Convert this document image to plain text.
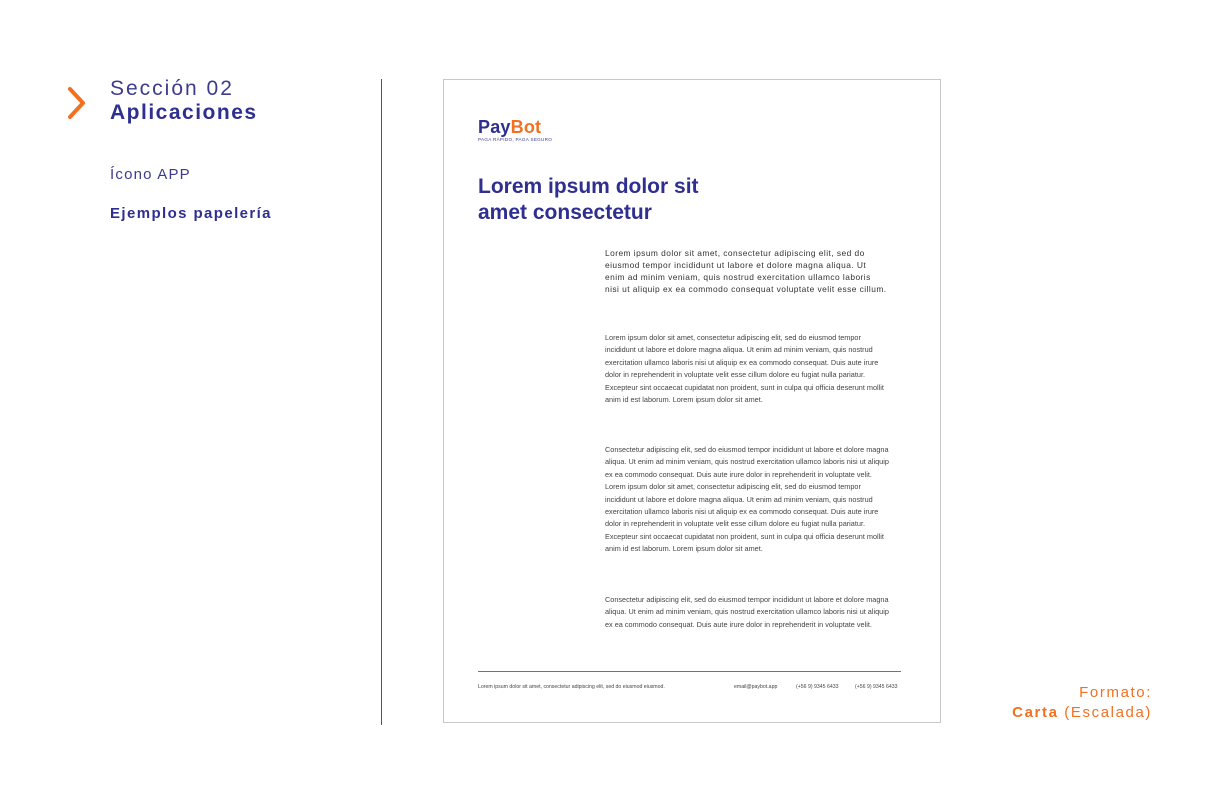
Sección 02
Aplicaciones
Ícono APP
Ejemplos papelería
PayBot
PAGA RÁPIDO, PAGA SEGURO
Lorem ipsum dolor sit
amet consectetur
Lorem ipsum dolor sit amet, consectetur adipiscing elit, sed do eiusmod tempor incididunt ut labore et dolore magna aliqua. Ut enim ad minim veniam, quis nostrud exercitation ullamco laboris nisi ut aliquip ex ea commodo consequat voluptate velit esse cillum.

Lorem ipsum dolor sit amet, consectetur adipiscing elit, sed do eiusmod tempor incididunt ut labore et dolore magna aliqua. Ut enim ad minim veniam, quis nostrud exercitation ullamco laboris nisi ut aliquip ex ea commodo consequat. Duis aute irure dolor in reprehenderit in voluptate velit esse cillum dolore eu fugiat nulla pariatur. Excepteur sint occaecat cupidatat non proident, sunt in culpa qui officia deserunt mollit anim id est laborum. Lorem ipsum dolor sit amet.

Consectetur adipiscing elit, sed do eiusmod tempor incididunt ut labore et dolore magna aliqua. Ut enim ad minim veniam, quis nostrud exercitation ullamco laboris nisi ut aliquip ex ea commodo consequat. Duis aute irure dolor in reprehenderit in voluptate velit. Lorem ipsum dolor sit amet, consectetur adipiscing elit, sed do eiusmod tempor incididunt ut labore et dolore magna aliqua. Ut enim ad minim veniam, quis nostrud exercitation ullamco laboris nisi ut aliquip ex ea commodo consequat. Duis aute irure dolor in reprehenderit in voluptate velit esse cillum dolore eu fugiat nulla pariatur. Excepteur sint occaecat cupidatat non proident, sunt in culpa qui officia deserunt mollit anim id est laborum. Lorem ipsum dolor sit amet.

Consectetur adipiscing elit, sed do eiusmod tempor incididunt ut labore et dolore magna aliqua. Ut enim ad minim veniam, quis nostrud exercitation ullamco laboris nisi ut aliquip ex ea commodo consequat. Duis aute irure dolor in reprehenderit in voluptate velit.

Lorem ipsum dolor sit amet, consectetur adipiscing elit, sed do eiusmod eiusmod.	email@paybot.app	(+56 9) 9345 6433	(+56 9) 9345 6433	Formato:
Carta (Escalada)
